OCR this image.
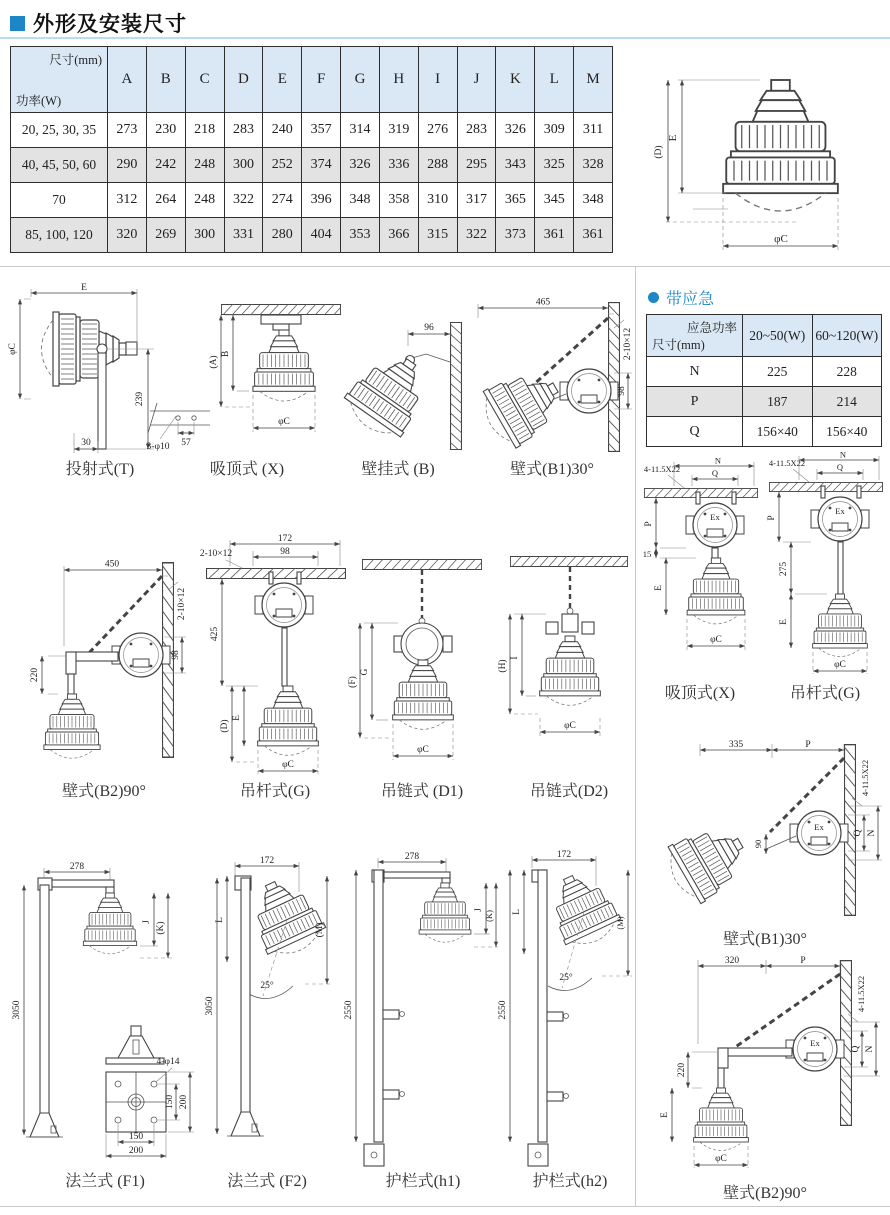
外形及安装尺寸
尺寸(mm)
功率(W)	A	B	C	D	E	F	G	H	I	J	K	L	M
20, 25, 30, 35	273	230	218	283	240	357	314	319	276	283	326	309	311
40, 45, 50, 60	290	242	248	300	252	374	326	336	288	295	343	325	328
70	312	264	248	322	274	396	348	358	310	317	365	345	348
85, 100, 120	320	269	300	331	280	404	353	366	315	322	373	361	361
(D)
E
φC
E
φC
239
30	3-φ10 57
(A)
B
φC
96
465
2-10×12
98
投射式(T)	吸顶式 (X)	壁挂式 (B)	壁式(B1)30°
450
2-10×12
98
220
172
98
2-10×12
425
(D)
E
φC
(F)
G
φC
(H)
I
φC
壁式(B2)90°	吊杆式(G)	吊链式 (D1)	吊链式(D2)
278
J (K)
3050
4-φ14
150 200
150
200
172
L
(M)
25°
3050
278
J
(K)
2550
172
L
(M)
25°
2550
法兰式 (F1)	法兰式 (F2)	护栏式(h1)	护栏式(h2)
带应急
应急功率
尺寸(mm)	20~50(W)	60~120(W)
N	225	228
P	187	214
Q	156×40	156×40
4-11.5X22
N
Q
Ex
P
15
E
φC
4-11.5X22
N
Q
Ex
P
275
E
φC
吸顶式(X)	吊杆式(G)
335	P
4-11.5X22
Ex
Q N
90
壁式(B1)30°
320	P
4-11.5X22
Ex
Q N
220
E
φC
壁式(B2)90°
